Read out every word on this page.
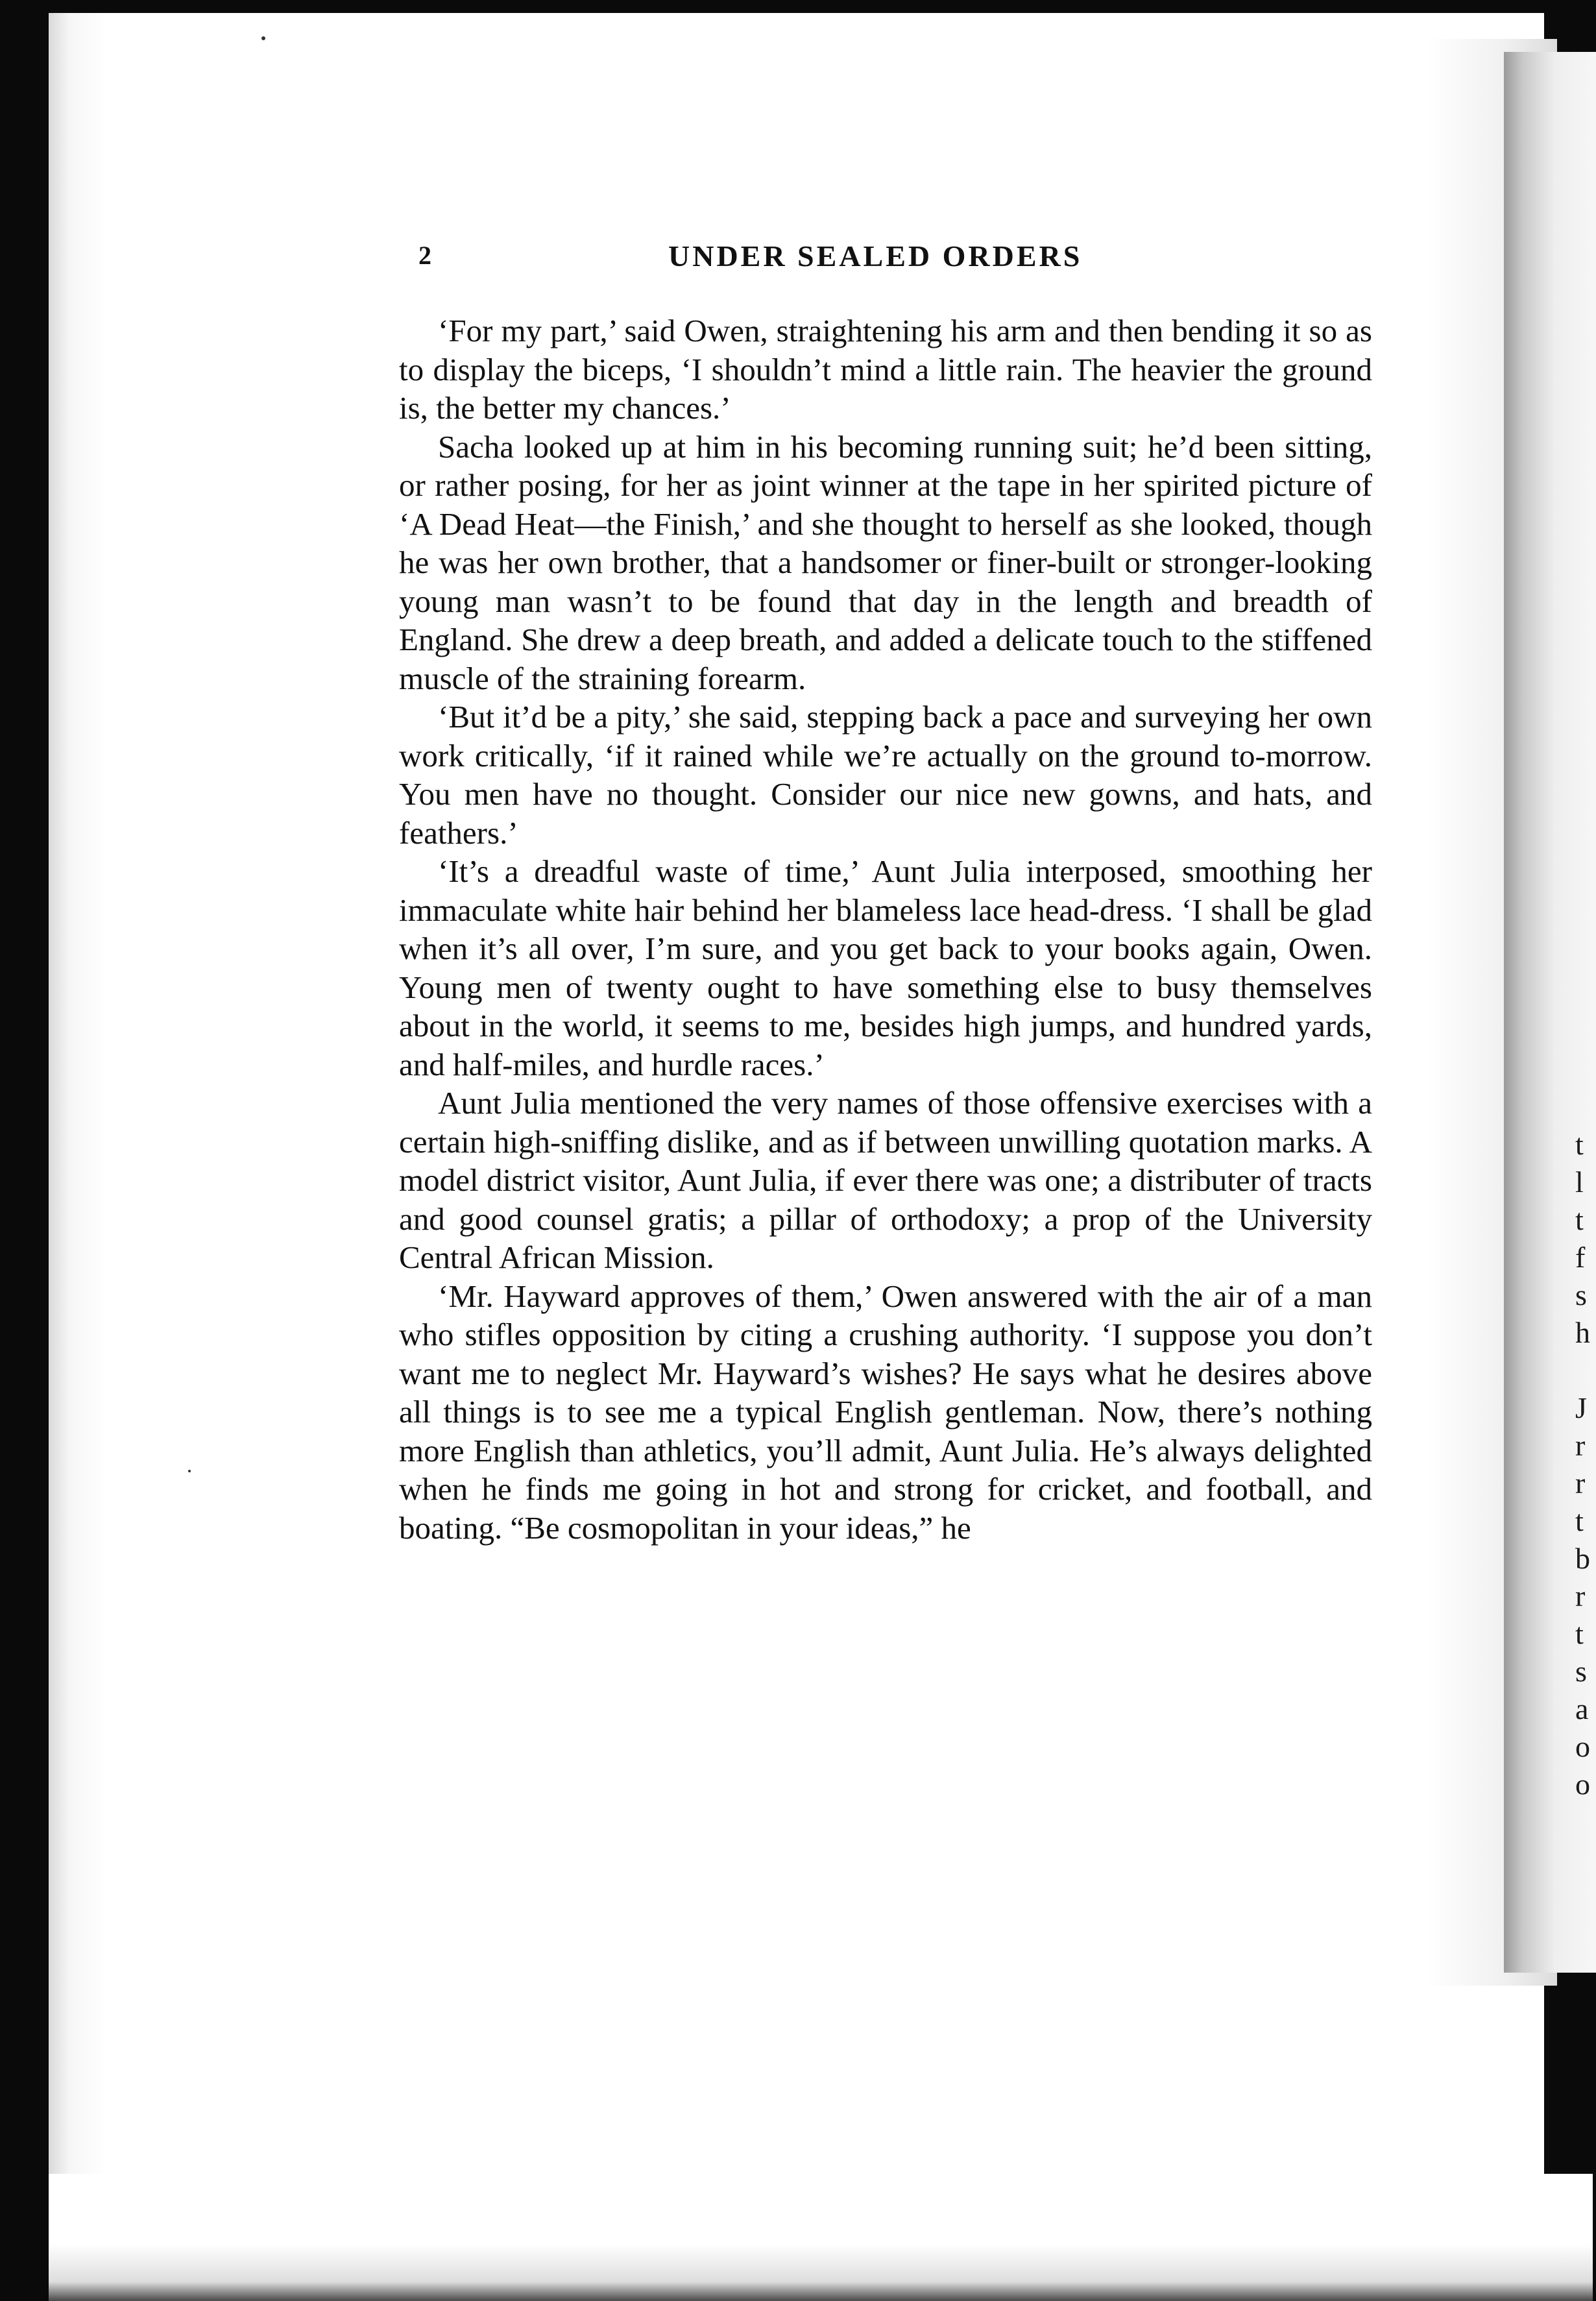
t
l
t
f
s
h
J
r
r
t
b
r
t
s
a
o
o
2	UNDER SEALED ORDERS

‘For my part,’ said Owen, straightening his arm and then bending it so as to display the biceps, ‘I shouldn’t mind a little rain. The heavier the ground is, the better my chances.’

Sacha looked up at him in his becoming running suit; he’d been sitting, or rather posing, for her as joint winner at the tape in her spirited picture of ‘A Dead Heat—the Finish,’ and she thought to herself as she looked, though he was her own brother, that a handsomer or finer-built or stronger-looking young man wasn’t to be found that day in the length and breadth of England. She drew a deep breath, and added a delicate touch to the stiffened muscle of the straining forearm.

‘But it’d be a pity,’ she said, stepping back a pace and surveying her own work critically, ‘if it rained while we’re actually on the ground to-morrow. You men have no thought. Consider our nice new gowns, and hats, and feathers.’

‘It’s a dreadful waste of time,’ Aunt Julia interposed, smoothing her immaculate white hair behind her blameless lace head-dress. ‘I shall be glad when it’s all over, I’m sure, and you get back to your books again, Owen. Young men of twenty ought to have something else to busy themselves about in the world, it seems to me, besides high jumps, and hundred yards, and half-miles, and hurdle races.’

Aunt Julia mentioned the very names of those offensive exercises with a certain high-sniffing dislike, and as if between unwilling quotation marks. A model district visitor, Aunt Julia, if ever there was one; a distributer of tracts and good counsel gratis; a pillar of orthodoxy; a prop of the University Central African Mission.

‘Mr. Hayward approves of them,’ Owen answered with the air of a man who stifles opposition by citing a crushing authority. ‘I suppose you don’t want me to neglect Mr. Hayward’s wishes? He says what he desires above all things is to see me a typical English gentleman. Now, there’s nothing more English than athletics, you’ll admit, Aunt Julia. He’s always delighted when he finds me going in hot and strong for cricket, and football, and boating. “Be cosmopolitan in your ideas,” he
